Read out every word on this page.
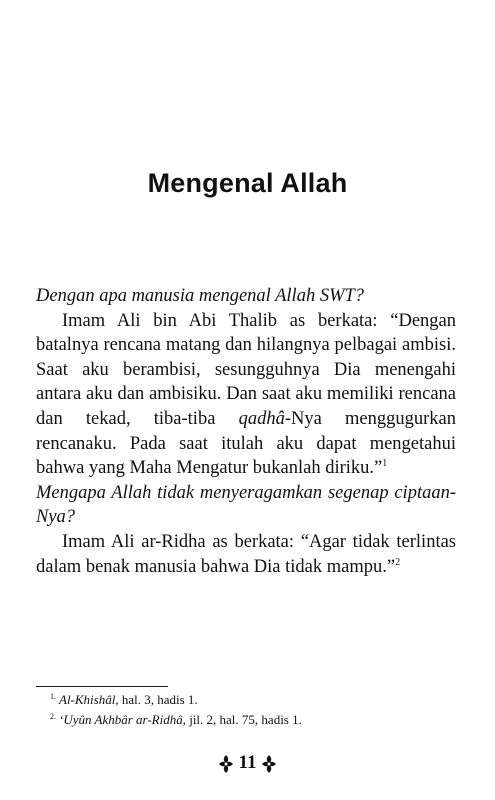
Mengenal Allah

Dengan apa manusia mengenal Allah SWT?

Imam Ali bin Abi Thalib as berkata: “Dengan batalnya rencana matang dan hilangnya pelbagai ambisi. Saat aku berambisi, sesungguhnya Dia menengahi antara aku dan ambisiku. Dan saat aku memiliki rencana dan tekad, tiba-tiba qadhâ-Nya menggugurkan rencanaku. Pada saat itulah aku dapat mengetahui bahwa yang Maha Mengatur bukanlah diriku.”$^1$

Mengapa Allah tidak menyeragamkan segenap ciptaan-Nya?

Imam Ali ar-Ridha as berkata: “Agar tidak terlintas dalam benak manusia bahwa Dia tidak mampu.”$^2$

$^{1.}$ Al-Khishâl, hal. 3, hadis 1.
$^{2.}$ ‘Uyûn Akhbâr ar-Ridhâ, jil. 2, hal. 75, hadis 1.
11
